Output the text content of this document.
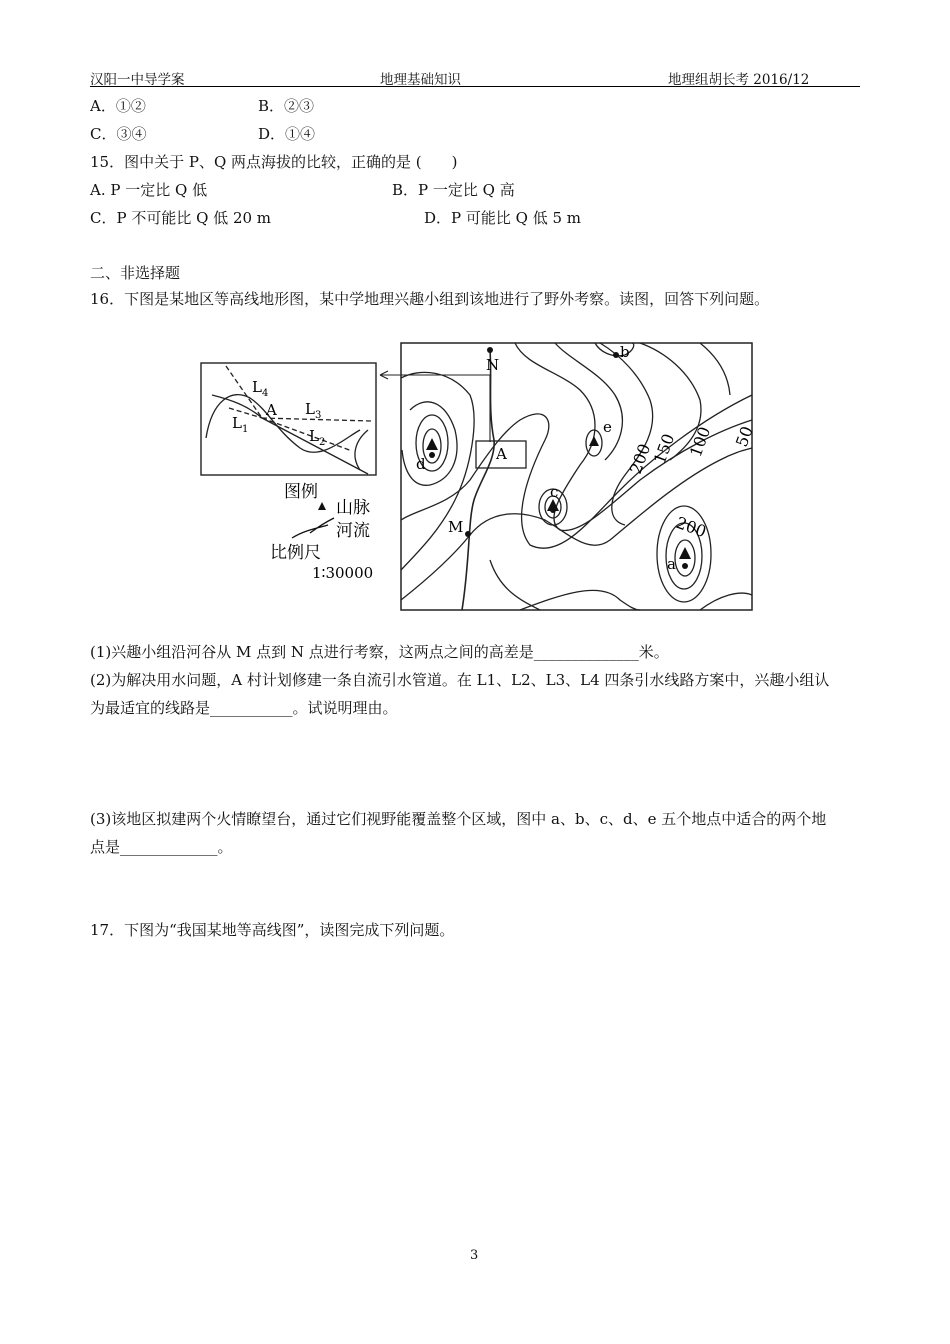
汉阳一中导学案	地理基础知识	地理组胡长考 2016/12
A．①②	B．②③
C．③④	D．①④
15．图中关于 P、Q 两点海拔的比较，正确的是 (　　)
A. P 一定比 Q 低	B．P 一定比 Q 高
C．P 不可能比 Q 低 20 m	D．P 可能比 Q 低 5 m
二、非选择题
16．下图是某地区等高线地形图，某中学地理兴趣小组到该地进行了野外考察。读图，回答下列问题。
$L_4$
A $L_3$
$L_1$	$L_2$
图例
山脉
河流
比例尺
1∶30000
N
A
M
b
d
e
c
a
200
150 100 50
200
(1)兴趣小组沿河谷从 M 点到 N 点进行考察，这两点之间的高差是______________米。
(2)为解决用水问题，A 村计划修建一条自流引水管道。在 L1、L2、L3、L4 四条引水线路方案中，兴趣小组认
为最适宜的线路是___________。试说明理由。
(3)该地区拟建两个火情瞭望台，通过它们视野能覆盖整个区域，图中 a、b、c、d、e 五个地点中适合的两个地
点是_____________。
17．下图为“我国某地等高线图”，读图完成下列问题。
3
